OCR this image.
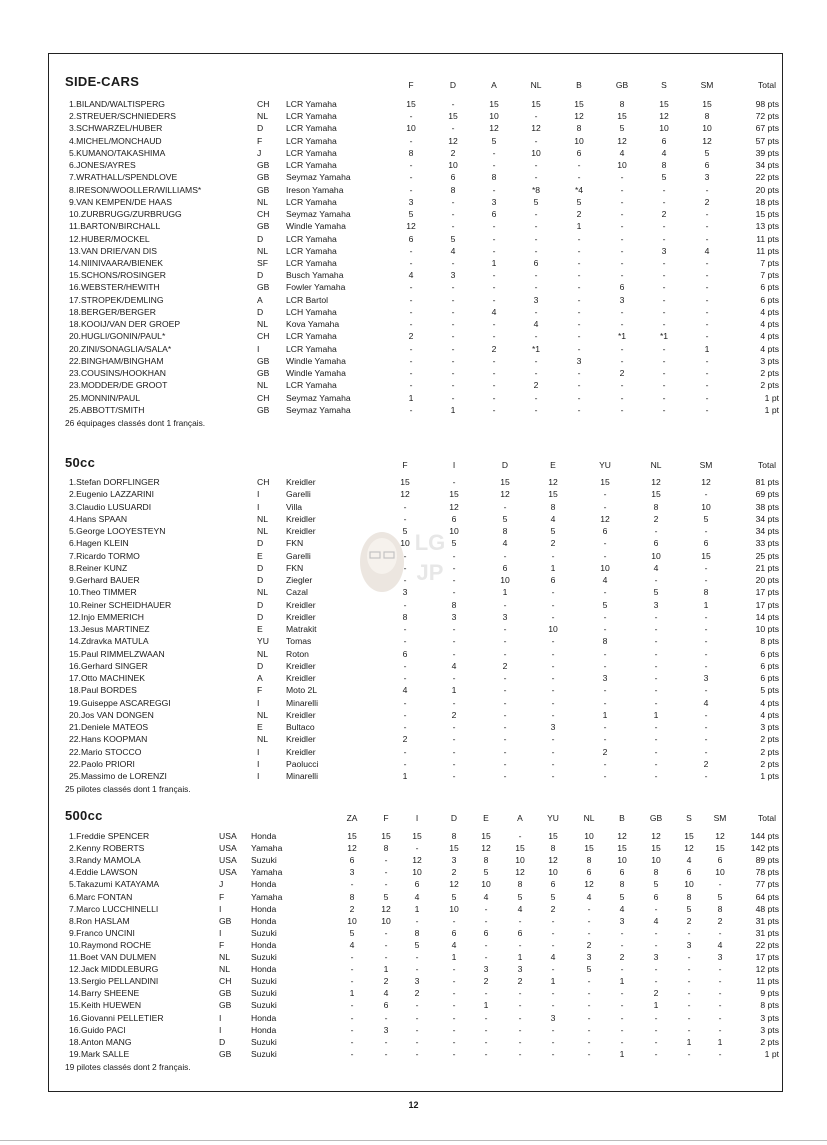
SIDE-CARS	F	D	A	NL	B	GB	S	SM	Total
1.BILAND/WALTISPERG	CH LCR Yamaha	15	-	15	15	15	8	15	15	98 pts
2.STREUER/SCHNIEDERS	NL LCR Yamaha	-	15	10	-	12	15	12	8	72 pts
3.SCHWARZEL/HUBER	D	LCR Yamaha	10	-	12	12	8	5	10	10	67 pts
4.MICHEL/MONCHAUD	F	LCR Yamaha	-	12	5	-	10	12	6	12	57 pts
5.KUMANO/TAKASHIMA	J	LCR Yamaha	8	2	-	10	6	4	4	5	39 pts
6.JONES/AYRES	GB LCR Yamaha	-	10	-	-	-	10	8	6	34 pts
7.WRATHALL/SPENDLOVE	GB Seymaz Yamaha	-	6	8	-	-	-	5	3	22 pts
8.IRESON/WOOLLER/WILLIAMS*	GB Ireson Yamaha	-	8	-	*8	*4	-	-	-	20 pts
9.VAN KEMPEN/DE HAAS	NL LCR Yamaha	3	-	3	5	5	-	-	2	18 pts
10.ZURBRUGG/ZURBRUGG	CH Seymaz Yamaha	5	-	6	-	2	-	2	-	15 pts
11.BARTON/BIRCHALL	GB Windle Yamaha	12	-	-	-	1	-	-	-	13 pts
12.HUBER/MOCKEL	D	LCR Yamaha	6	5	-	-	-	-	-	-	11 pts
13.VAN DRIE/VAN DIS	NL LCR Yamaha	-	4	-	-	-	-	3	4	11 pts
14.NIINIVAARA/BIENEK	SF LCR Yamaha	-	-	1	6	-	-	-	-	7 pts
15.SCHONS/ROSINGER	D	Busch Yamaha	4	3	-	-	-	-	-	-	7 pts
16.WEBSTER/HEWITH	GB Fowler Yamaha	-	-	-	-	-	6	-	-	6 pts
17.STROPEK/DEMLING	A	LCR Bartol	-	-	-	3	-	3	-	-	6 pts
18.BERGER/BERGER	D	LCH Yamaha	-	-	4	-	-	-	-	-	4 pts
18.KOOIJ/VAN DER GROEP	NL Kova Yamaha	-	-	-	4	-	-	-	-	4 pts
20.HUGLI/GONIN/PAUL*	CH LCR Yamaha	2	-	-	-	-	*1	*1	-	4 pts
20.ZINI/SONAGLIA/SALA*	I	LCR Yamaha	-	-	2	*1	-	-	-	1	4 pts
22.BINGHAM/BINGHAM	GB Windle Yamaha	-	-	-	-	3	-	-	-	3 pts
23.COUSINS/HOOKHAN	GB Windle Yamaha	-	-	-	-	-	2	-	-	2 pts
23.MODDER/DE GROOT	NL LCR Yamaha	-	-	-	2	-	-	-	-	2 pts
25.MONNIN/PAUL	CH Seymaz Yamaha	1	-	-	-	-	-	-	-	1 pt
25.ABBOTT/SMITH	GB Seymaz Yamaha	-	1	-	-	-	-	-	-	1 pt
26 équipages classés dont 1 français.
50cc	F	I	D	E	YU	NL	SM	Total
1.Stefan DORFLINGER	CH Kreidler	15	-	15	12	15	12	12	81 pts
2.Eugenio LAZZARINI	I	Garelli	12	15	12	15	-	15	-	69 pts
3.Claudio LUSUARDI	I	Villa	-	12	-	8	-	8	10	38 pts
4.Hans SPAAN	NL Kreidler	-	6	5	4	12	2	5	34 pts
5.George LOOYESTEYN	NL Kreidler	5	10	8	5	6	-	-	34 pts
6.Hagen KLEIN	D	FKN	10	5	4	2	-	6	6	33 pts
7.Ricardo TORMO	E	Garelli	-	-	-	-	-	10	15	25 pts
8.Reiner KUNZ	D	FKN	-	-	6	1	10	4	-	21 pts
9.Gerhard BAUER	D	Ziegler	-	-	10	6	4	-	-	20 pts
10.Theo TIMMER	NL Cazal	3	-	1	-	-	5	8	17 pts
10.Reiner SCHEIDHAUER	D	Kreidler	-	8	-	-	5	3	1	17 pts
12.Injo EMMERICH	D	Kreidler	8	3	3	-	-	-	-	14 pts
13.Jesus MARTINEZ	E	Matrakit	-	-	-	10	-	-	-	10 pts
14.Zdravka MATULA	YU Tomas	-	-	-	-	8	-	-	8 pts
15.Paul RIMMELZWAAN	NL Roton	6	-	-	-	-	-	-	6 pts
16.Gerhard SINGER	D	Kreidler	-	4	2	-	-	-	-	6 pts
17.Otto MACHINEK	A	Kreidler	-	-	-	-	3	-	3	6 pts
18.Paul BORDES	F	Moto 2L	4	1	-	-	-	-	-	5 pts
19.Guiseppe ASCAREGGI	I	Minarelli	-	-	-	-	-	-	4	4 pts
20.Jos VAN DONGEN	NL Kreidler	-	2	-	-	1	1	-	4 pts
21.Deniele MATEOS	E	Bultaco	-	-	-	3	-	-	-	3 pts
22.Hans KOOPMAN	NL Kreidler	2	-	-	-	-	-	-	2 pts
22.Mario STOCCO	I	Kreidler	-	-	-	-	2	-	-	2 pts
22.Paolo PRIORI	I	Paolucci	-	-	-	-	-	-	2	2 pts
25.Massimo de LORENZI	I	Minarelli	1	-	-	-	-	-	-	1 pts
25 pilotes classés dont 1 français.
500cc	ZA	F	I	D	E	A	YU	NL	B	GB	S	SM	Total
1.Freddie SPENCER	USA Honda	15	15	15	8	15	-	15	10	12	12	15	12	144 pts
2.Kenny ROBERTS	USA Yamaha	12	8	-	15	12	15	8	15	15	15	12	15	142 pts
3.Randy MAMOLA	USA Suzuki	6	-	12	3	8	10	12	8	10	10	4	6	89 pts
4.Eddie LAWSON	USA Yamaha	3	-	10	2	5	12	10	6	6	8	6	10	78 pts
5.Takazumi KATAYAMA	J	Honda	-	-	6	12	10	8	6	12	8	5	10	-	77 pts
6.Marc FONTAN	F	Yamaha	8	5	4	5	4	5	5	4	5	6	8	5	64 pts
7.Marco LUCCHINELLI	I	Honda	2	12	1	10	-	4	2	-	4	-	5	8	48 pts
8.Ron HASLAM	GB Honda	10	10	-	-	-	-	-	-	3	4	2	2	31 pts
9.Franco UNCINI	I	Suzuki	5	-	8	6	6	6	-	-	-	-	-	-	31 pts
10.Raymond ROCHE	F	Honda	4	-	5	4	-	-	-	2	-	-	3	4	22 pts
11.Boet VAN DULMEN	NL Suzuki	-	-	-	1	-	1	4	3	2	3	-	3	17 pts
12.Jack MIDDLEBURG	NL Honda	-	1	-	-	3	3	-	5	-	-	-	-	12 pts
13.Sergio PELLANDINI	CH Suzuki	-	2	3	-	2	2	1	-	1	-	-	-	11 pts
14.Barry SHEENE	GB Suzuki	1	4	2	-	-	-	-	-	-	2	-	-	9 pts
15.Keith HUEWEN	GB Suzuki	-	6	-	-	1	-	-	-	-	1	-	-	8 pts
16.Giovanni PELLETIER	I	Honda	-	-	-	-	-	-	3	-	-	-	-	-	3 pts
16.Guido PACI	I	Honda	-	3	-	-	-	-	-	-	-	-	-	-	3 pts
18.Anton MANG	D	Suzuki	-	-	-	-	-	-	-	-	-	-	1	1	2 pts
19.Mark SALLE	GB Suzuki	-	-	-	-	-	-	-	-	1	-	-	-	1 pt
19 pilotes classés dont 2 français.
LG
JP
12
